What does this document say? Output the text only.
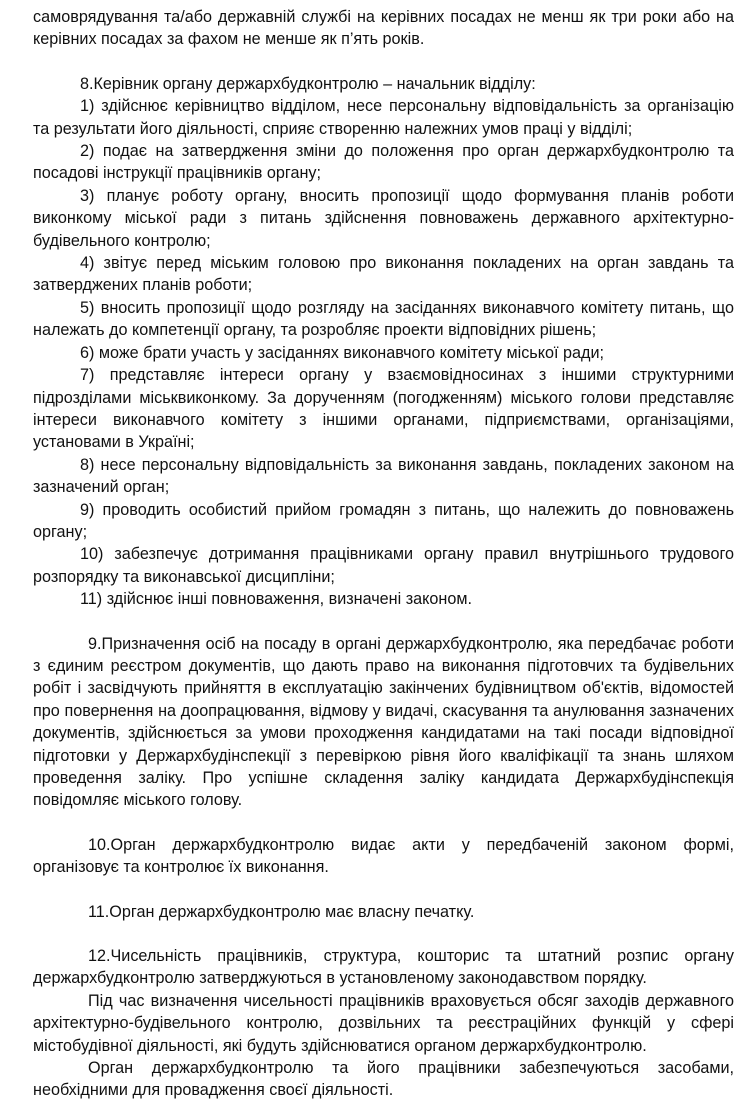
самоврядування та/або державній службі на керівних посадах не менш як три роки або на керівних посадах за фахом не менше як п’ять років.

8.Керівник органу держархбудконтролю – начальник відділу:

1) здійснює керівництво відділом, несе персональну відповідальність за організацію та результати його діяльності, сприяє створенню належних умов праці у відділі;

2) подає на затвердження зміни до положення про орган держархбудконтролю та посадові інструкції працівників органу;

3) планує роботу органу, вносить пропозиції щодо формування планів роботи виконкому міської ради з питань здійснення повноважень державного архітектурно-будівельного контролю;

4) звітує перед міським головою про виконання покладених на орган завдань та затверджених планів роботи;

5) вносить пропозиції щодо розгляду на засіданнях виконавчого комітету питань, що належать до компетенції органу, та розробляє проекти відповідних рішень;

6) може брати участь у засіданнях виконавчого комітету міської ради;

7) представляє інтереси органу у взаємовідносинах з іншими структурними підрозділами міськвиконкому. За дорученням (погодженням) міського голови представляє інтереси виконавчого комітету з іншими органами, підприємствами, організаціями, установами в Україні;

8) несе персональну відповідальність за виконання завдань, покладених законом на зазначений орган;

9) проводить особистий прийом громадян з питань, що належить до повноважень органу;

10) забезпечує дотримання працівниками органу правил внутрішнього трудового розпорядку та виконавської дисципліни;

11) здійснює інші повноваження, визначені законом.

9.Призначення осіб на посаду в органі держархбудконтролю, яка передбачає роботи з єдиним реєстром документів, що дають право на виконання підготовчих та будівельних робіт і засвідчують прийняття в експлуатацію закінчених будівництвом об'єктів, відомостей про повернення на доопрацювання, відмову у видачі, скасування та анулювання зазначених документів, здійснюється за умови проходження кандидатами на такі посади відповідної підготовки у Держархбудінспекції з перевіркою рівня його кваліфікації та знань шляхом проведення заліку. Про успішне складення заліку кандидата Держархбудінспекція повідомляє міського голову.

10.Орган держархбудконтролю видає акти у передбаченій законом формі, організовує та контролює їх виконання.

11.Орган держархбудконтролю має власну печатку.

12.Чисельність працівників, структура, кошторис та штатний розпис органу держархбудконтролю затверджуються в установленому законодавством порядку.

Під час визначення чисельності працівників враховується обсяг заходів державного архітектурно-будівельного контролю, дозвільних та реєстраційних функцій у сфері містобудівної діяльності, які будуть здійснюватися органом держархбудконтролю.

Орган держархбудконтролю та його працівники забезпечуються засобами, необхідними для провадження своєї діяльності.
